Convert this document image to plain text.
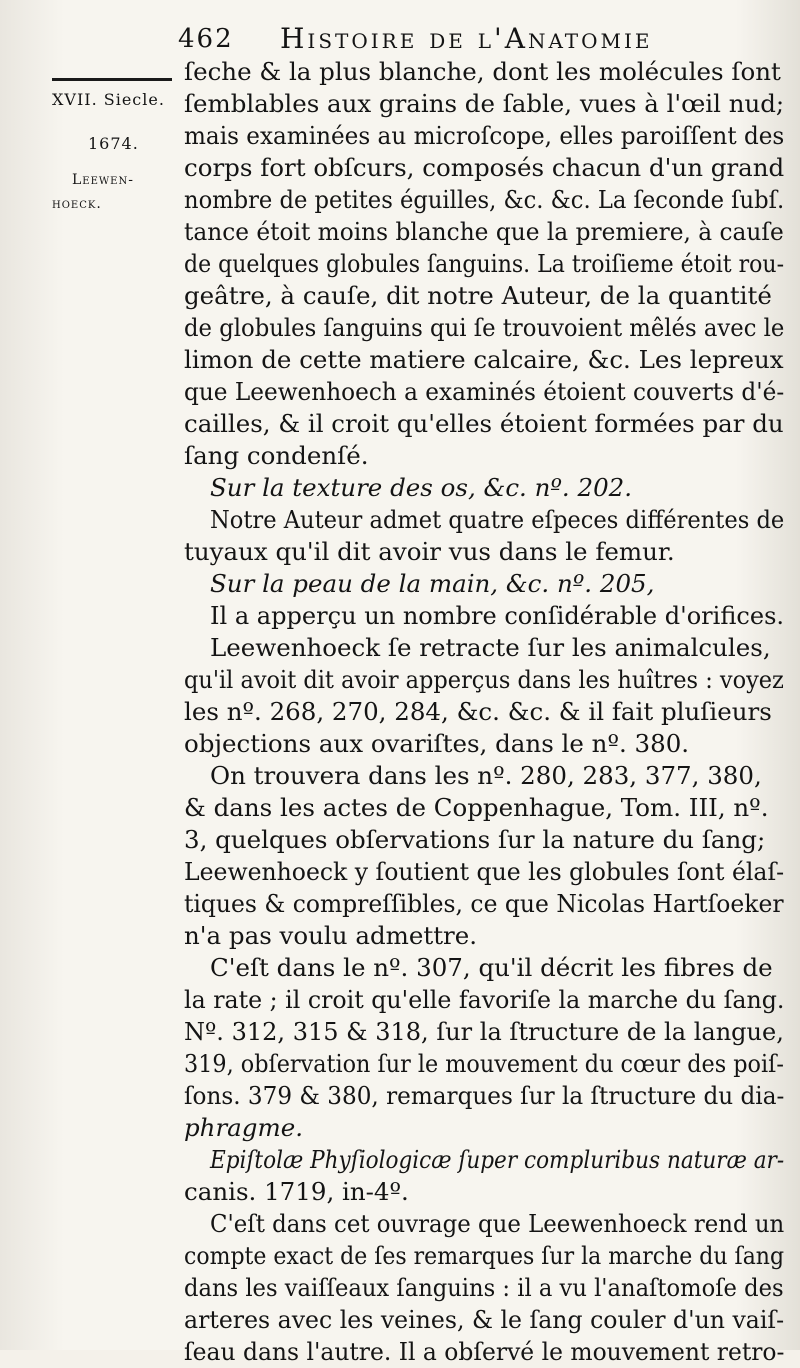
462 Histoire de l'Anatomie
XVII. Siecle.
1674.
Leewen-
hoeck.
ſeche & la plus blanche, dont les molécules ſont
ſemblables aux grains de ſable, vues à l'œil nud;
mais examinées au microſcope, elles paroiſſent des
corps fort obſcurs, composés chacun d'un grand
nombre de petites éguilles, &c. &c. La ſeconde ſubſ.
tance étoit moins blanche que la premiere, à cauſe
de quelques globules ſanguins. La troiſieme étoit rou-
geâtre, à cauſe, dit notre Auteur, de la quantité
de globules ſanguins qui ſe trouvoient mêlés avec le
limon de cette matiere calcaire, &c. Les lepreux
que Leewenhoech a examinés étoient couverts d'é-
cailles, & il croit qu'elles étoient formées par du
ſang condenſé.
Sur la texture des os, &c. nº. 202.
Notre Auteur admet quatre eſpeces différentes de
tuyaux qu'il dit avoir vus dans le femur.
Sur la peau de la main, &c. nº. 205,
Il a apperçu un nombre conſidérable d'orifices.
Leewenhoeck ſe retracte ſur les animalcules,
qu'il avoit dit avoir apperçus dans les huîtres : voyez
les nº. 268, 270, 284, &c. &c. & il fait pluſieurs
objections aux ovariſtes, dans le nº. 380.
On trouvera dans les nº. 280, 283, 377, 380,
& dans les actes de Coppenhague, Tom. III, nº.
3, quelques obſervations ſur la nature du ſang;
Leewenhoeck y ſoutient que les globules ſont élaſ-
tiques & compreſſibles, ce que Nicolas Hartſoeker
n'a pas voulu admettre.
C'eſt dans le nº. 307, qu'il décrit les fibres de
la rate ; il croit qu'elle favoriſe la marche du ſang.
Nº. 312, 315 & 318, ſur la ſtructure de la langue,
319, obſervation ſur le mouvement du cœur des poiſ-
ſons. 379 & 380, remarques ſur la ſtructure du dia-
phragme.
Epiſtolæ Phyſiologicæ ſuper compluribus naturæ ar-
canis. 1719, in-4º.
C'eſt dans cet ouvrage que Leewenhoeck rend un
compte exact de ſes remarques ſur la marche du ſang
dans les vaiſſeaux ſanguins : il a vu l'anaſtomoſe des
arteres avec les veines, & le ſang couler d'un vaiſ-
ſeau dans l'autre. Il a obſervé le mouvement retro-
